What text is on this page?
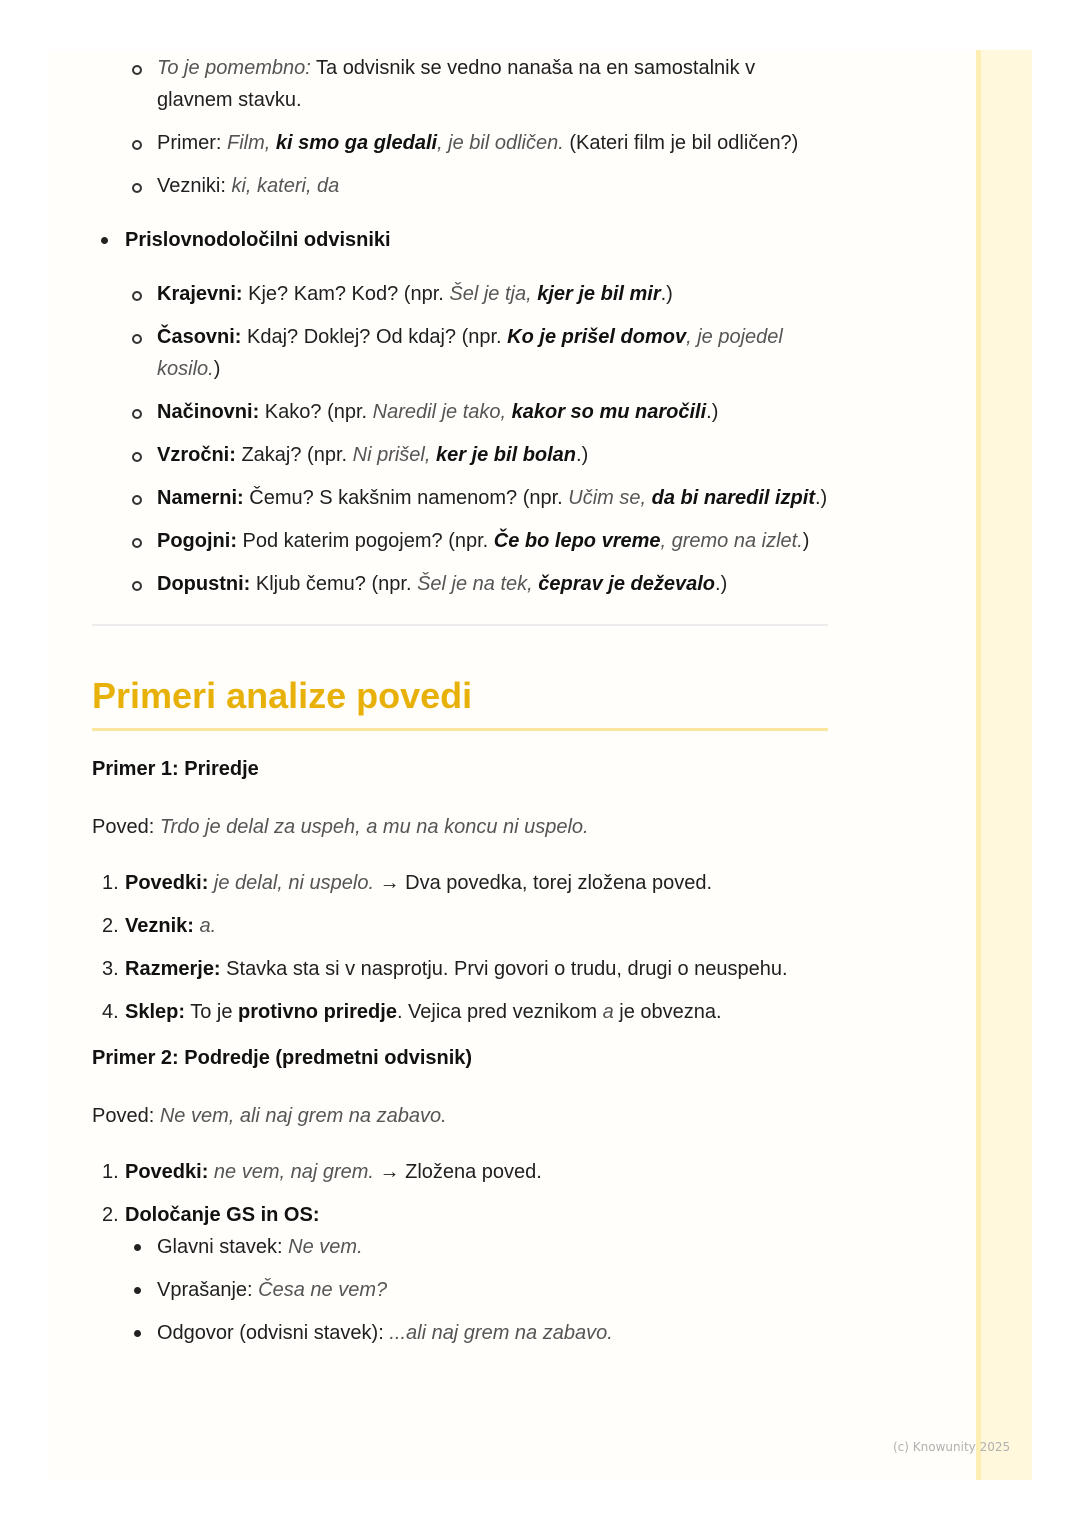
To je pomembno: Ta odvisnik se vedno nanaša na en samostalnik v glavnem stavku.
Primer: Film, ki smo ga gledali, je bil odličen. (Kateri film je bil odličen?)
Vezniki: ki, kateri, da
Prislovnodoločilni odvisniki
Krajevni: Kje? Kam? Kod? (npr. Šel je tja, kjer je bil mir.)
Časovni: Kdaj? Doklej? Od kdaj? (npr. Ko je prišel domov, je pojedel kosilo.)
Načinovni: Kako? (npr. Naredil je tako, kakor so mu naročili.)
Vzročni: Zakaj? (npr. Ni prišel, ker je bil bolan.)
Namerni: Čemu? S kakšnim namenom? (npr. Učim se, da bi naredil izpit.)
Pogojni: Pod katerim pogojem? (npr. Če bo lepo vreme, gremo na izlet.)
Dopustni: Kljub čemu? (npr. Šel je na tek, čeprav je deževalo.)
Primeri analize povedi
Primer 1: Priredje
Poved: Trdo je delal za uspeh, a mu na koncu ni uspelo.
1. Povedki: je delal, ni uspelo. → Dva povedka, torej zložena poved.
2. Veznik: a.
3. Razmerje: Stavka sta si v nasprotju. Prvi govori o trudu, drugi o neuspehu.
4. Sklep: To je protivno priredje. Vejica pred veznikom a je obvezna.
Primer 2: Podredje (predmetni odvisnik)
Poved: Ne vem, ali naj grem na zabavo.
1. Povedki: ne vem, naj grem. → Zložena poved.
2. Določanje GS in OS:
Glavni stavek: Ne vem.
Vprašanje: Česa ne vem?
Odgovor (odvisni stavek): ...ali naj grem na zabavo.
(c) Knowunity 2025
